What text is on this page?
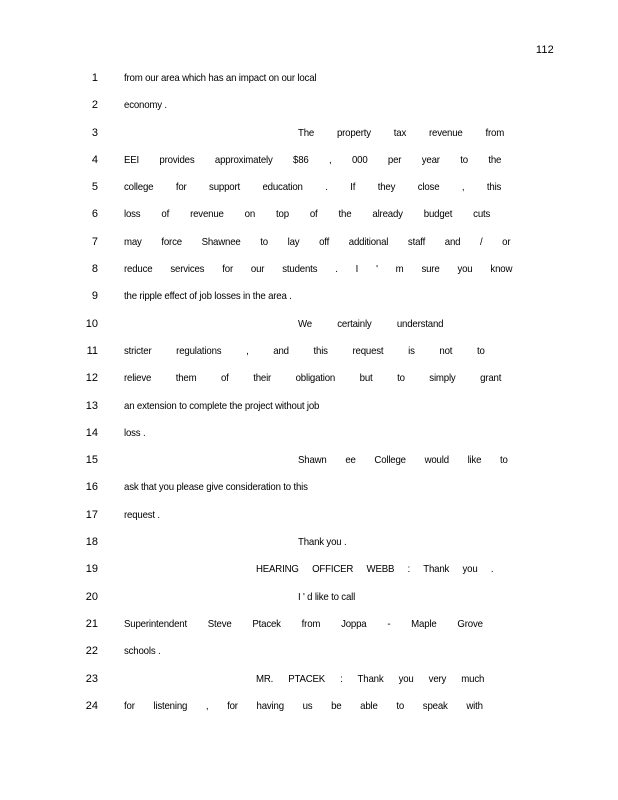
112
1 from our area which has an impact on our local
2 economy .
3	The property tax revenue from
4 EEI provides approximately $86 , 000 per year to the
5 college for support education . If they close , this
6 loss of revenue on top of the already budget cuts
7 may force Shawnee to lay off additional staff and / or
8 reduce services for our students . I ' m sure you know
9 the ripple effect of job losses in the area .
10	We certainly understand
11 stricter regulations , and this request is not to
12 relieve them of their obligation but to simply grant
13 an extension to complete the project without job
14 loss .
15	Shawn ee College would like to
16 ask that you please give consideration to this
17 request .
18	Thank you .
19	HEARING OFFICER WEBB : Thank you .
20	I ' d like to call
21 Superintendent Steve Ptacek from Joppa - Maple Grove
22 schools .
23	MR. PTACEK : Thank you very much
24 for listening , for having us be able to speak with
